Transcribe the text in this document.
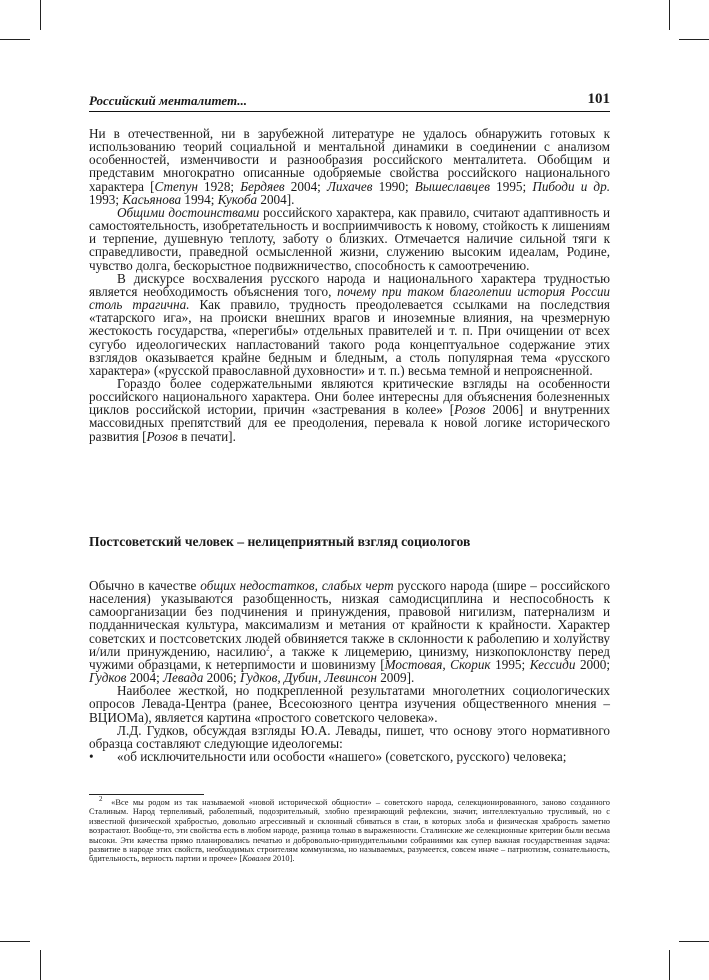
Российский менталитет...	101

Ни в отечественной, ни в зарубежной литературе не удалось обнаружить готовых к использованию теорий социальной и ментальной динамики в соединении с анализом особенностей, изменчивости и разнообразия российского менталитета. Обобщим и представим многократно описанные одобряемые свойства российского национального характера [Степун 1928; Бердяев 2004; Лихачев 1990; Вышеславцев 1995; Пибоди и др. 1993; Касьянова 1994; Кукоба 2004].

Общими достоинствами российского характера, как правило, считают адаптивность и самостоятельность, изобретательность и восприимчивость к новому, стойкость к лишениям и терпение, душевную теплоту, заботу о близких. Отмечается наличие сильной тяги к справедливости, праведной осмысленной жизни, служению высоким идеалам, Родине, чувство долга, бескорыстное подвижничество, способность к самоотречению.

В дискурсе восхваления русского народа и национального характера трудностью является необходимость объяснения того, почему при таком благолепии история России столь трагична. Как правило, трудность преодолевается ссылками на последствия «татарского ига», на происки внешних врагов и иноземные влияния, на чрезмерную жестокость государства, «перегибы» отдельных правителей и т. п. При очищении от всех сугубо идеологических напластований такого рода концептуальное содержание этих взглядов оказывается крайне бедным и бледным, а столь популярная тема «русского характера» («русской православной духовности» и т. п.) весьма темной и непроясненной.

Гораздо более содержательными являются критические взгляды на особенности российского национального характера. Они более интересны для объяснения болезненных циклов российской истории, причин «застревания в колее» [Розов 2006] и внутренних массовидных препятствий для ее преодоления, перевала к новой логике исторического развития [Розов в печати].

Постсоветский человек – нелицеприятный взгляд социологов

Обычно в качестве общих недостатков, слабых черт русского народа (шире – российского населения) указываются разобщенность, низкая самодисциплина и неспособность к самоорганизации без подчинения и принуждения, правовой нигилизм, патернализм и подданническая культура, максимализм и метания от крайности к крайности. Характер советских и постсоветских людей обвиняется также в склонности к раболепию и холуйству и/или принуждению, насилию$^2$, а также к лицемерию, цинизму, низкопоклонству перед чужими образцами, к нетерпимости и шовинизму [Мостовая, Скорик 1995; Кессиди 2000; Гудков 2004; Левада 2006; Гудков, Дубин, Левинсон 2009].

Наиболее жесткой, но подкрепленной результатами многолетних социологических опросов Левада-Центра (ранее, Всесоюзного центра изучения общественного мнения – ВЦИОМа), является картина «простого советского человека».

Л.Д. Гудков, обсуждая взгляды Ю.А. Левады, пишет, что основу этого нормативного образца составляют следующие идеологемы:

• «об исключительности или особости «нашего» (советского, русского) человека;

$^2$ «Все мы родом из так называемой «новой исторической общности» – советского народа, селекционированного, заново созданного Сталиным. Народ терпеливый, раболепный, подозрительный, злобно презирающий рефлексии, значит, интеллектуально трусливый, но с известной физической храбростью, довольно агрессивный и склонный сбиваться в стаи, в которых злоба и физическая храбрость заметно возрастают. Вообще-то, эти свойства есть в любом народе, разница только в выраженности. Сталинские же селекционные критерии были весьма высоки. Эти качества прямо планировались печатью и добровольно-принудительными собраниями как супер важная государственная задача: развитие в народе этих свойств, необходимых строителям коммунизма, но называемых, разумеется, совсем иначе – патриотизм, сознательность, бдительность, верность партии и прочее» [Ковалев 2010].
